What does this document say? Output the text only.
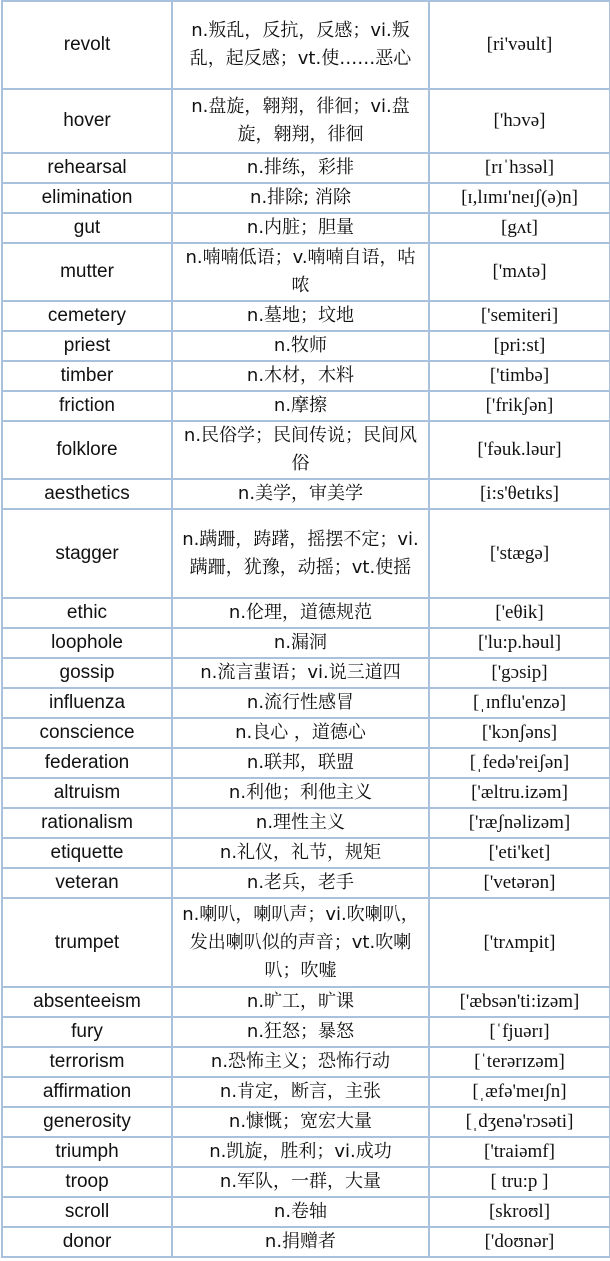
revolt	n.叛乱，反抗，反感；vi.叛乱，起反感；vt.使……恶心	[ri'vəult]
hover	n.盘旋，翱翔，徘徊；vi.盘旋，翱翔，徘徊	['hɔvə]
rehearsal	n.排练，彩排	[rɪˈhɜsəl]
elimination	n.排除; 消除	[ɪ,lɪmɪ'neɪʃ(ə)n]
gut	n.内脏；胆量	[gʌt]
mutter	n.喃喃低语；v.喃喃自语，咕哝	['mʌtə]
cemetery	n.墓地；坟地	['semiteri]
priest	n.牧师	[pri:st]
timber	n.木材，木料	['timbə]
friction	n.摩擦	['frikʃən]
folklore	n.民俗学；民间传说；民间风俗	['fəuk.ləur]
aesthetics	n.美学，审美学	[i:s'θetɪks]
stagger	n.蹒跚，踌躇，摇摆不定；vi.蹒跚，犹豫，动摇；vt.使摇	['stægə]
ethic	n.伦理，道德规范	['eθik]
loophole	n.漏洞	['lu:p.həul]
gossip	n.流言蜚语；vi.说三道四	['gɔsip]
influenza	n.流行性感冒	[ˌɪnflu'enzə]
conscience	n.良心 ，道德心	['kɔnʃəns]
federation	n.联邦，联盟	[ˌfedə'reiʃən]
altruism	n.利他；利他主义	['æltru.izəm]
rationalism	n.理性主义	['ræʃnəlizəm]
etiquette	n.礼仪，礼节，规矩	['eti'ket]
veteran	n.老兵，老手	['vetərən]
trumpet	n.喇叭，喇叭声；vi.吹喇叭，发出喇叭似的声音；vt.吹喇叭；吹嘘	['trʌmpit]
absenteeism	n.旷工，旷课	['æbsən'ti:izəm]
fury	n.狂怒；暴怒	[ˈfjuərɪ]
terrorism	n.恐怖主义；恐怖行动	[ˈterərɪzəm]
affirmation	n.肯定，断言，主张	[ˌæfə'meɪʃn]
generosity	n.慷慨；宽宏大量	[ˌdʒenə'rɔsəti]
triumph	n.凯旋，胜利；vi.成功	['traiəmf]
troop	n.军队，一群，大量	[ tru:p ]
scroll	n.卷轴	[skroʊl]
donor	n.捐赠者	['doʊnər]
